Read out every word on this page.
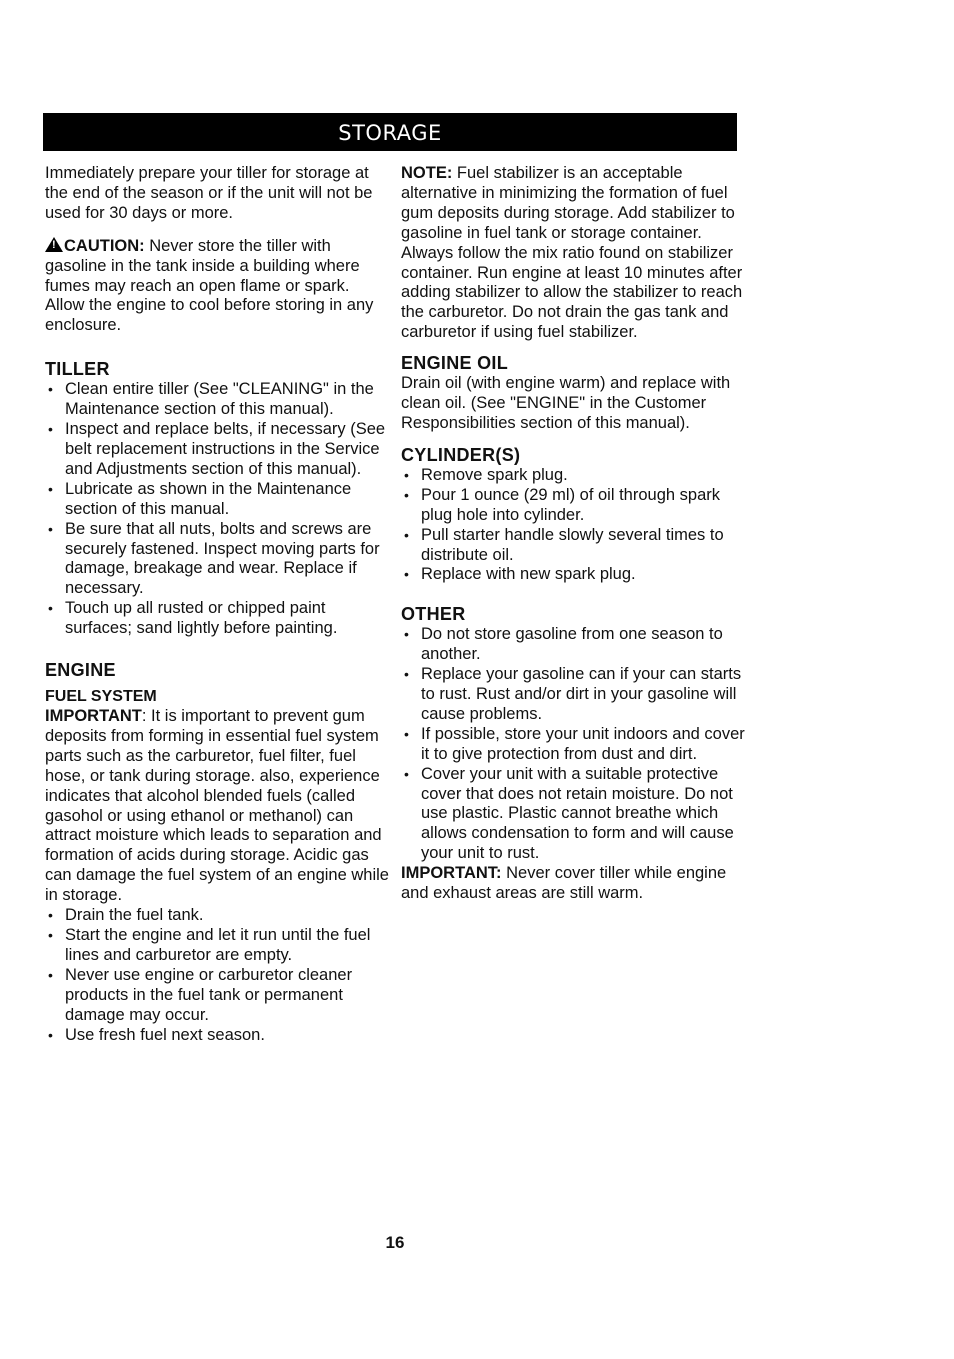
STORAGE

Immediately prepare your tiller for storage at the end of the season or if the unit will not be used for 30 days or more.

!CAUTION: Never store the tiller with gasoline in the tank inside a building where fumes may reach an open flame or spark. Allow the engine to cool before storing in any enclosure.

TILLER
• Clean entire tiller (See "CLEANING" in the Maintenance section of this manual).
• Inspect and replace belts, if necessary (See belt replacement instructions in the Service and Adjustments section of this manual).
• Lubricate as shown in the Maintenance section of this manual.
• Be sure that all nuts, bolts and screws are securely fastened. Inspect moving parts for damage, breakage and wear. Replace if necessary.
• Touch up all rusted or chipped paint surfaces; sand lightly before painting.
ENGINE
FUEL SYSTEM

IMPORTANT: It is important to prevent gum deposits from forming in essential fuel system parts such as the carburetor, fuel filter, fuel hose, or tank during storage. also, experience indicates that alcohol blended fuels (called gasohol or using ethanol or methanol) can attract moisture which leads to separation and formation of acids during storage. Acidic gas can damage the fuel system of an engine while in storage.

• Drain the fuel tank.
• Start the engine and let it run until the fuel lines and carburetor are empty.
• Never use engine or carburetor cleaner products in the fuel tank or permanent damage may occur.
• Use fresh fuel next season.

NOTE: Fuel stabilizer is an acceptable alternative in minimizing the formation of fuel gum deposits during storage. Add stabilizer to gasoline in fuel tank or storage container. Always follow the mix ratio found on stabilizer container. Run engine at least 10 minutes after adding stabilizer to allow the stabilizer to reach the carburetor. Do not drain the gas tank and carburetor if using fuel stabilizer.

ENGINE OIL

Drain oil (with engine warm) and replace with clean oil. (See "ENGINE" in the Customer Responsibilities section of this manual).

CYLINDER(S)
• Remove spark plug.
• Pour 1 ounce (29 ml) of oil through spark plug hole into cylinder.
• Pull starter handle slowly several times to distribute oil.
• Replace with new spark plug.
OTHER
• Do not store gasoline from one season to another.
• Replace your gasoline can if your can starts to rust. Rust and/or dirt in your gasoline will cause problems.
• If possible, store your unit indoors and cover it to give protection from dust and dirt.
• Cover your unit with a suitable protective cover that does not retain moisture. Do not use plastic. Plastic cannot breathe which allows condensation to form and will cause your unit to rust.

IMPORTANT: Never cover tiller while engine and exhaust areas are still warm.

16
